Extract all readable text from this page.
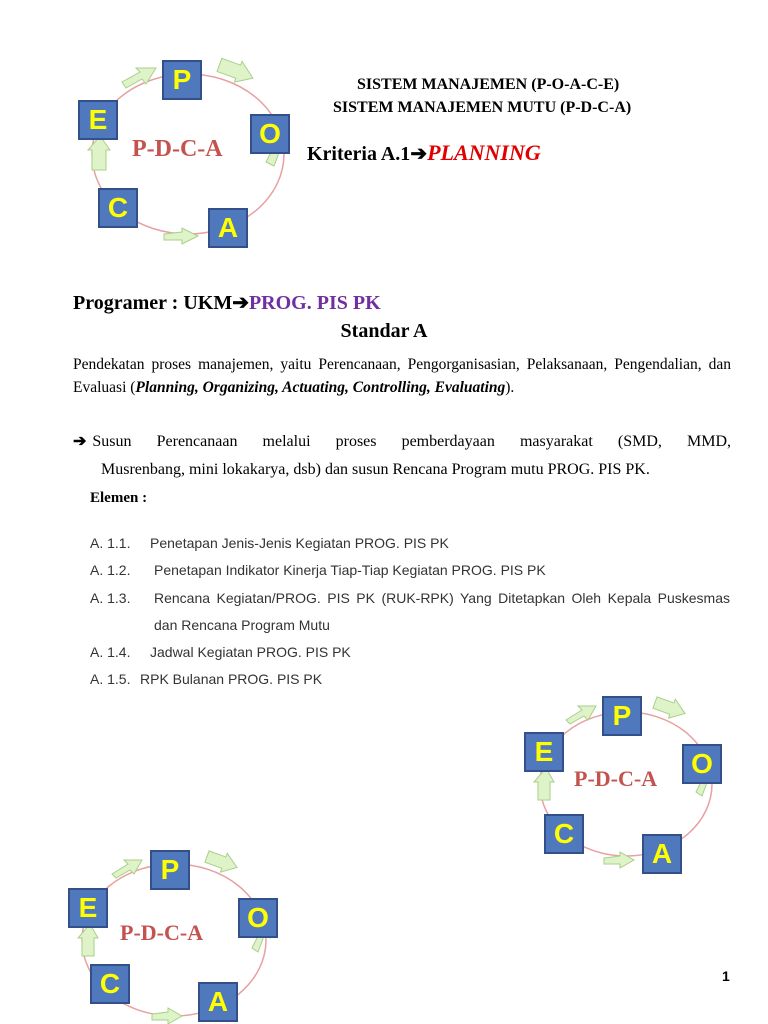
P
O
A
C
E
P-D-C-A
SISTEM MANAJEMEN (P-O-A-C-E)
SISTEM MANAJEMEN MUTU (P-D-C-A)
Kriteria A.1➔PLANNING
Programer : UKM➔PROG. PIS PK
Standar A
Pendekatan proses manajemen, yaitu Perencanaan, Pengorganisasian, Pelaksanaan, Pengendalian, dan Evaluasi (Planning, Organizing, Actuating, Controlling, Evaluating).
➔ Susun Perencanaan melalui proses pemberdayaan masyarakat (SMD, MMD,
Musrenbang, mini lokakarya, dsb) dan susun Rencana Program mutu PROG. PIS PK.
Elemen :
A. 1.1. Penetapan Jenis-Jenis Kegiatan PROG. PIS PK
A. 1.2. Penetapan Indikator Kinerja Tiap-Tiap Kegiatan PROG. PIS PK
A. 1.3. Rencana Kegiatan/PROG. PIS PK (RUK-RPK) Yang Ditetapkan Oleh Kepala Puskesmas dan Rencana Program Mutu
A. 1.4. Jadwal Kegiatan PROG. PIS PK
A. 1.5. RPK Bulanan PROG. PIS PK
P
O
A
C
E
P-D-C-A
P
O
A
C
E
P-D-C-A
1
